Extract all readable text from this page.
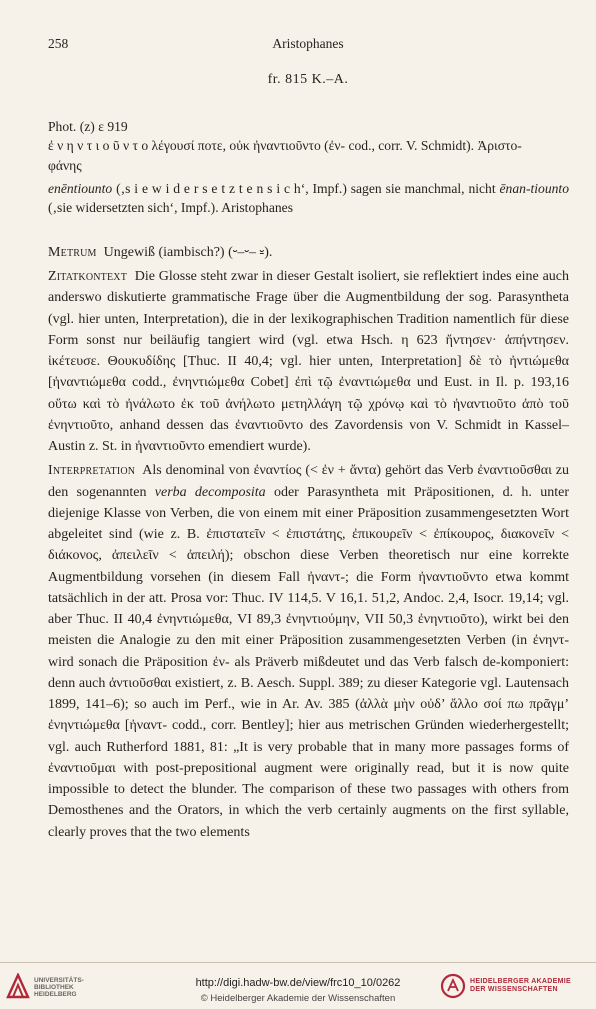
258	Aristophanes
fr. 815 K.–A.

Phot. (z) ε 919

ἐ ν η ν τ ι ο ῦ ν τ ο λέγουσί ποτε, οὐκ ἠναντιοῦντο (ἐν- cod., corr. V. Schmidt). Ἀριστο-

φάνης

enēntiounto (‚s i e w i d e r s e t z t e n s i c h‘, Impf.) sagen sie manchmal, nicht ēnan-tiounto (‚sie widersetzten sich‘, Impf.). Aristophanes

Metrum Ungewiß (iambisch?) (⏑–⏑– ⏓).

Zitatkontext Die Glosse steht zwar in dieser Gestalt isoliert, sie reflektiert indes eine auch anderswo diskutierte grammatische Frage über die Augmentbildung der sog. Parasyntheta (vgl. hier unten, Interpretation), die in der lexikographischen Tradition namentlich für diese Form sonst nur beiläufig tangiert wird (vgl. etwa Hsch. η 623 ἤντησεν· ἀπήντησεν. ἱκέτευσε. Θουκυδίδης [Thuc. II 40,4; vgl. hier unten, Interpretation] δὲ τὸ ἠντιώμεθα [ἠναντιώμεθα codd., ἐνηντιώμεθα Cobet] ἐπὶ τῷ ἐναντιώμεθα und Eust. in Il. p. 193,16 οὕτω καὶ τὸ ἠνάλωτο ἐκ τοῦ ἀνήλωτο μετηλλάγη τῷ χρόνῳ καὶ τὸ ἠναντιοῦτο ἀπὸ τοῦ ἐνηντιοῦτο, anhand dessen das ἐναντιοῦντο des Zavordensis von V. Schmidt in Kassel–Austin z. St. in ἠναντιοῦντο emendiert wurde).

Interpretation Als denominal von ἐναντίος (< ἐν + ἄντα) gehört das Verb ἐναντιοῦσθαι zu den sogenannten verba decomposita oder Parasyntheta mit Präpositionen, d. h. unter diejenige Klasse von Verben, die von einem mit einer Präposition zusammengesetzten Wort abgeleitet sind (wie z. B. ἐπιστατεῖν < ἐπιστάτης, ἐπικουρεῖν < ἐπίκουρος, διακονεῖν < διάκονος, ἀπειλεῖν < ἀπειλή); obschon diese Verben theoretisch nur eine korrekte Augmentbildung vorsehen (in diesem Fall ἠναντ-; die Form ἠναντιοῦντο etwa kommt tatsächlich in der att. Prosa vor: Thuc. IV 114,5. V 16,1. 51,2, Andoc. 2,4, Isocr. 19,14; vgl. aber Thuc. II 40,4 ἐνηντιώμεθα, VI 89,3 ἐνηντιούμην, VII 50,3 ἐνηντιοῦτο), wirkt bei den meisten die Analogie zu den mit einer Präposition zusammengesetzten Verben (in ἐνηντ- wird sonach die Präposition ἐν- als Präverb mißdeutet und das Verb falsch de-komponiert: denn auch ἀντιοῦσθαι existiert, z. B. Aesch. Suppl. 389; zu dieser Kategorie vgl. Lautensach 1899, 141–6); so auch im Perf., wie in Ar. Av. 385 (ἀλλὰ μὴν οὐδ’ ἄλλο σοί πω πρᾶγμ’ ἐνηντιώμεθα [ἠναντ- codd., corr. Bentley]; hier aus metrischen Gründen wiederhergestellt; vgl. auch Rutherford 1881, 81: „It is very probable that in many more passages forms of ἐναντιοῦμαι with post-prepositional augment were originally read, but it is now quite impossible to detect the blunder. The comparison of these two passages with others from Demosthenes and the Orators, in which the verb certainly augments on the first syllable, clearly proves that the two elements

UNIVERSITÄTS-
BIBLIOTHEK
HEIDELBERG
http://digi.hadw-bw.de/view/frc10_10/0262
© Heidelberger Akademie der Wissenschaften
HEIDELBERGER AKADEMIE
DER WISSENSCHAFTEN
